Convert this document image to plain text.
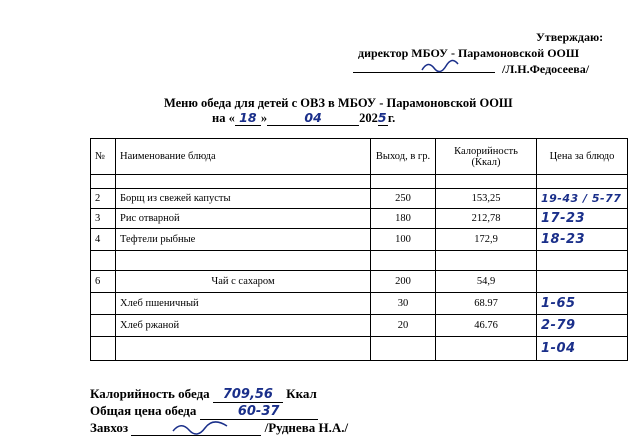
Утверждаю:
директор МБОУ - Парамоновской ООШ
/Л.Н.Федосеева/
Меню обеда для детей с ОВЗ в МБОУ - Парамоновской ООШ
на « 18 »	04	2025г.
№	Наименование блюда	Выход, в гр.	Калорийность (Ккал)	Цена за блюдо

2	Борщ из свежей капусты	250	153,25	19-43 / 5-77
3	Рис отварной	180	212,78	17-23
4	Тефтели рыбные	100	172,9	18-23

6	Чай с сахаром	200	54,9	
	Хлеб пшеничный	30	68.97	1-65
	Хлеб ржаной	20	46.76	2-79
				1-04
Калорийность обеда 709,56 Ккал
Общая цена обеда	60-37
Завхоз	/Руднева Н.А./
